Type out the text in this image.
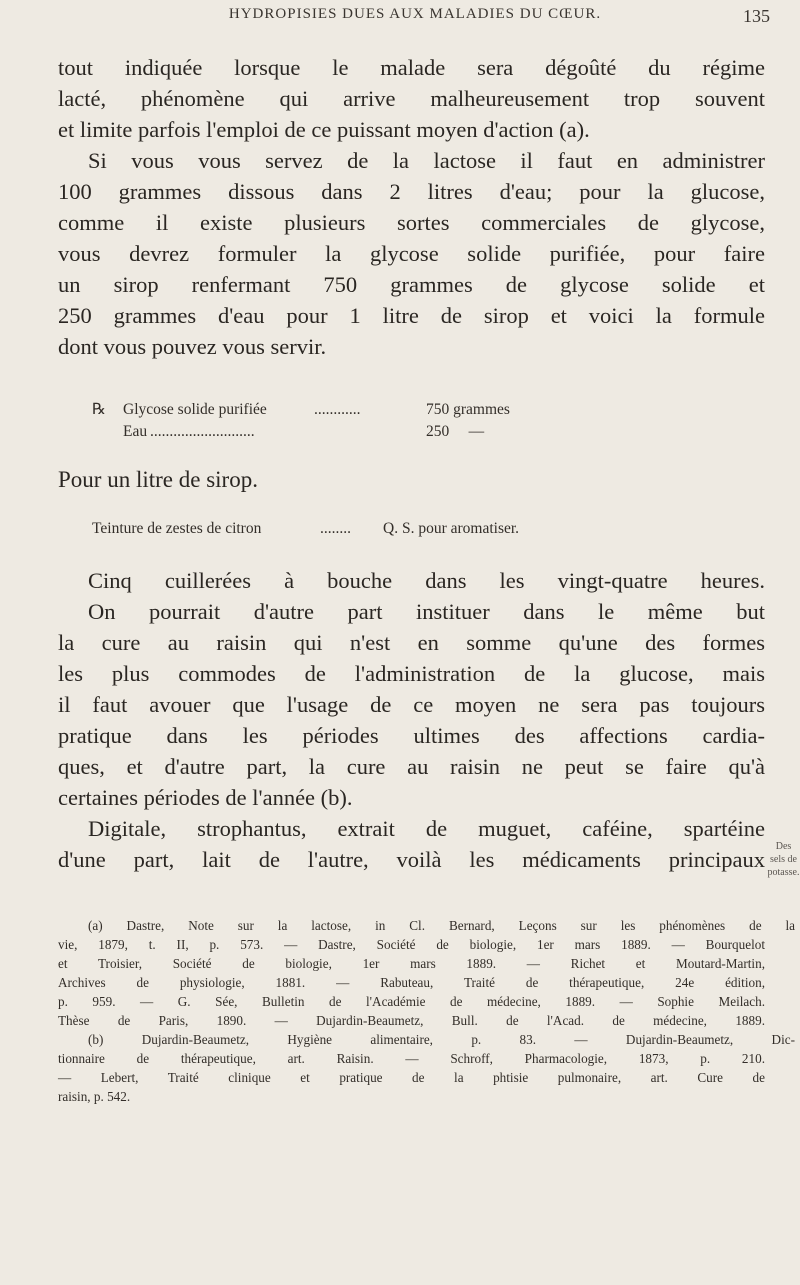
HYDROPISIES DUES AUX MALADIES DU CŒUR.	135
tout indiquée lorsque le malade sera dégoûté du régime
lacté, phénomène qui arrive malheureusement trop souvent
et limite parfois l'emploi de ce puissant moyen d'action (a).
Si vous vous servez de la lactose il faut en administrer
100 grammes dissous dans 2 litres d'eau; pour la glucose,
comme il existe plusieurs sortes commerciales de glycose,
vous devrez formuler la glycose solide purifiée, pour faire
un sirop renfermant 750 grammes de glycose solide et
250 grammes d'eau pour 1 litre de sirop et voici la formule
dont vous pouvez vous servir.
℞ Glycose solide purifiée	............	750 grammes
Eau ...........................	250     —
Pour un litre de sirop.
Teinture de zestes de citron	........ Q. S. pour aromatiser.
Cinq cuillerées à bouche dans les vingt-quatre heures.
On pourrait d'autre part instituer dans le même but
la cure au raisin qui n'est en somme qu'une des formes
les plus commodes de l'administration de la glucose, mais
il faut avouer que l'usage de ce moyen ne sera pas toujours
pratique dans les périodes ultimes des affections cardia-
ques, et d'autre part, la cure au raisin ne peut se faire qu'à
certaines périodes de l'année (b).
Digitale, strophantus, extrait de muguet, caféine, spartéine
d'une part, lait de l'autre, voilà les médicaments principaux
Des sels de potasse.
(a) Dastre, Note sur la lactose, in Cl. Bernard, Leçons sur les phénomènes de la
vie, 1879, t. II, p. 573. — Dastre, Société de biologie, 1er mars 1889. — Bourquelot
et Troisier, Société de biologie, 1er mars 1889. — Richet et Moutard-Martin,
Archives de physiologie, 1881. — Rabuteau, Traité de thérapeutique, 24e édition,
p. 959. — G. Sée, Bulletin de l'Académie de médecine, 1889. — Sophie Meilach.
Thèse de Paris, 1890. — Dujardin-Beaumetz, Bull. de l'Acad. de médecine, 1889.
(b) Dujardin-Beaumetz, Hygiène alimentaire, p. 83. — Dujardin-Beaumetz, Dic-
tionnaire de thérapeutique, art. Raisin. — Schroff, Pharmacologie, 1873, p. 210.
— Lebert, Traité clinique et pratique de la phtisie pulmonaire, art. Cure de
raisin, p. 542.
